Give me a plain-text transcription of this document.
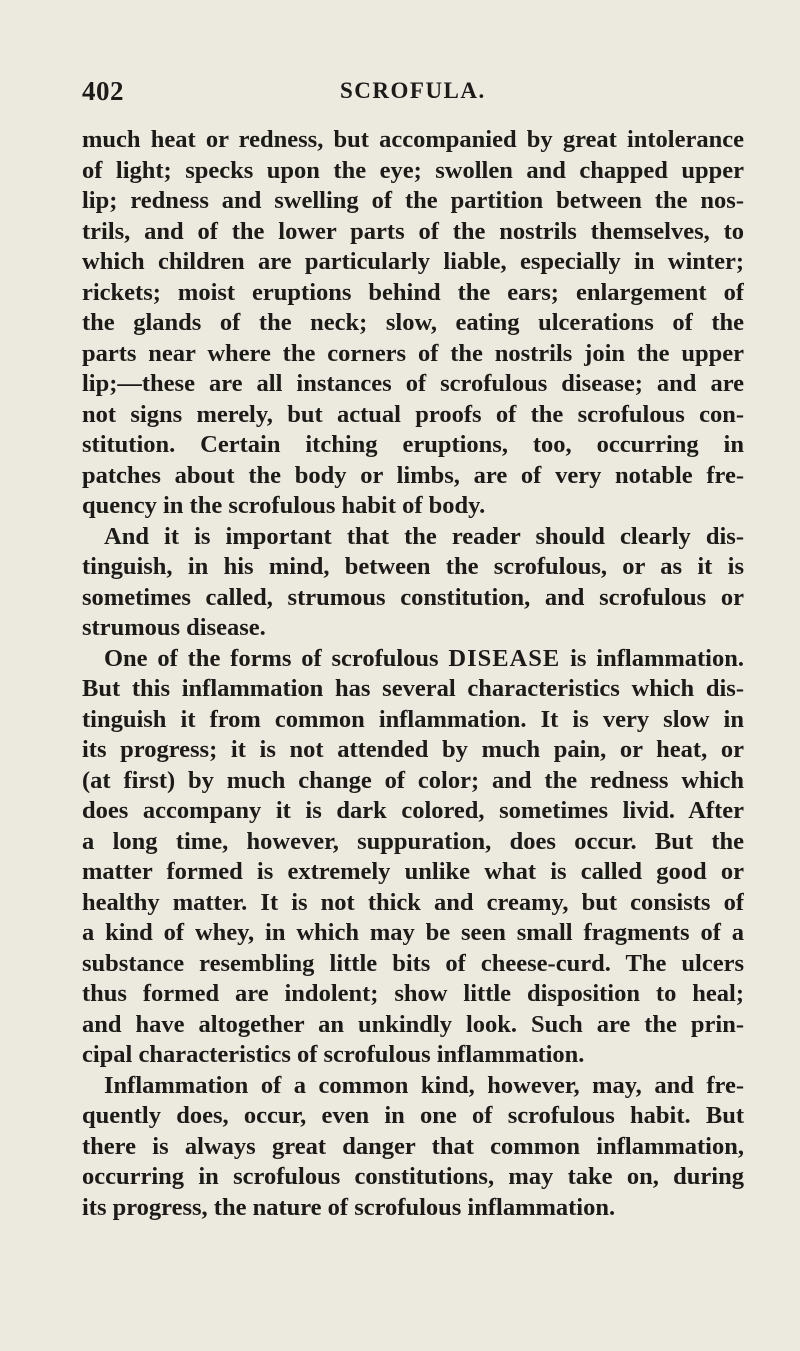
402	SCROFULA.
much heat or redness, but accompanied by great intolerance
of light; specks upon the eye; swollen and chapped upper
lip; redness and swelling of the partition between the nos-
trils, and of the lower parts of the nostrils themselves, to
which children are particularly liable, especially in winter;
rickets; moist eruptions behind the ears; enlargement of
the glands of the neck; slow, eating ulcerations of the
parts near where the corners of the nostrils join the upper
lip;—these are all instances of scrofulous disease; and are
not signs merely, but actual proofs of the scrofulous con-
stitution. Certain itching eruptions, too, occurring in
patches about the body or limbs, are of very notable fre-
quency in the scrofulous habit of body.
And it is important that the reader should clearly dis-
tinguish, in his mind, between the scrofulous, or as it is
sometimes called, strumous constitution, and scrofulous or
strumous disease.
One of the forms of scrofulous DISEASE is inflammation.
But this inflammation has several characteristics which dis-
tinguish it from common inflammation. It is very slow in
its progress; it is not attended by much pain, or heat, or
(at first) by much change of color; and the redness which
does accompany it is dark colored, sometimes livid. After
a long time, however, suppuration, does occur. But the
matter formed is extremely unlike what is called good or
healthy matter. It is not thick and creamy, but consists of
a kind of whey, in which may be seen small fragments of a
substance resembling little bits of cheese-curd. The ulcers
thus formed are indolent; show little disposition to heal;
and have altogether an unkindly look. Such are the prin-
cipal characteristics of scrofulous inflammation.
Inflammation of a common kind, however, may, and fre-
quently does, occur, even in one of scrofulous habit. But
there is always great danger that common inflammation,
occurring in scrofulous constitutions, may take on, during
its progress, the nature of scrofulous inflammation.
